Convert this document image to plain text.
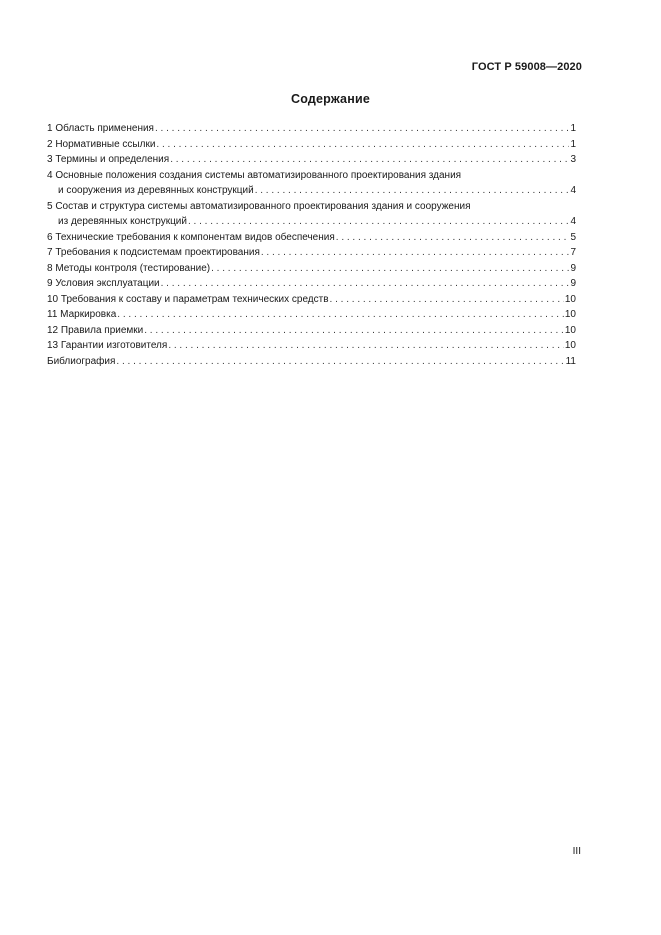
ГОСТ Р 59008—2020
Содержание
1 Область применения . . .	1
2 Нормативные ссылки . . .	1
3 Термины и определения . . .	3
4 Основные положения создания системы автоматизированного проектирования здания
и сооружения из деревянных конструкций . . .	4
5 Состав и структура системы автоматизированного проектирования здания и сооружения
из деревянных конструкций . . .	4
6 Технические требования к компонентам видов обеспечения . . .	5
7 Требования к подсистемам проектирования . . .	7
8 Методы контроля (тестирование) . . .	9
9 Условия эксплуатации . . .	9
10 Требования к составу и параметрам технических средств . . .	10
11 Маркировка . . .	10
12 Правила приемки . . .	10
13 Гарантии изготовителя . . .	10
Библиография . . .	11
III
